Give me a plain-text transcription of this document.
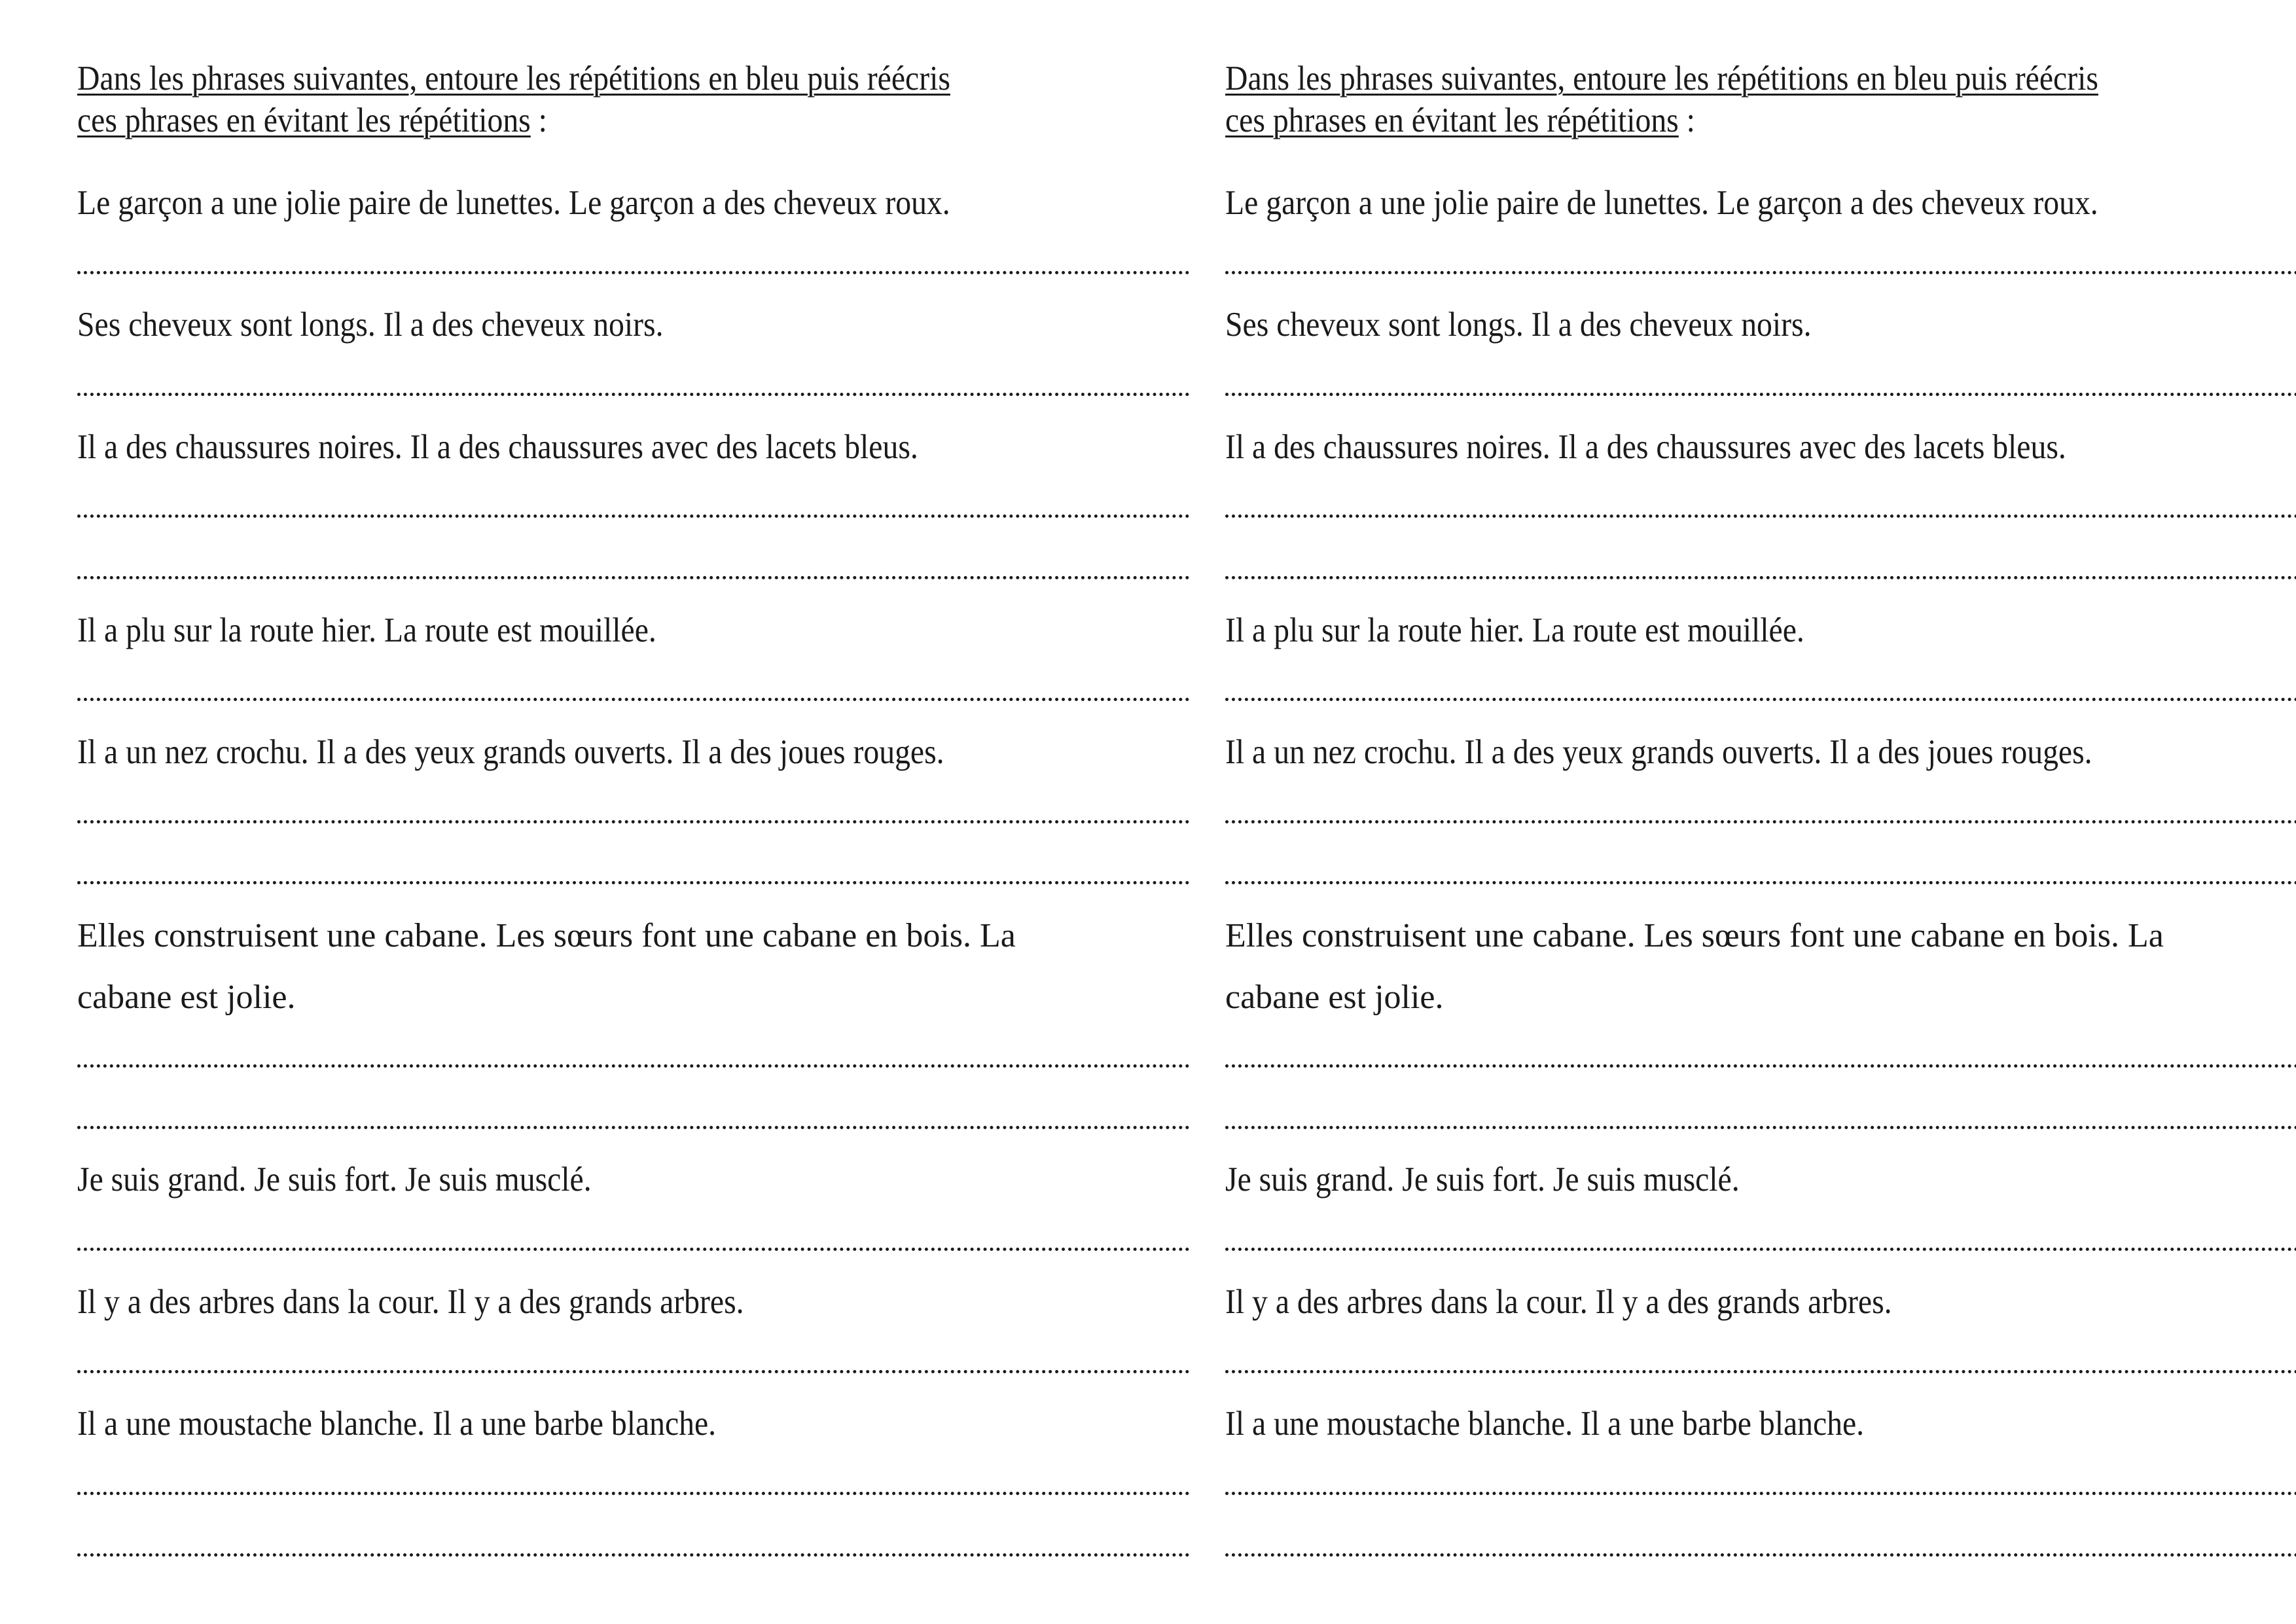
Dans les phrases suivantes, entoure les répétitions en bleu puis réécris ces phrases en évitant les répétitions :
Le garçon a une jolie paire de lunettes. Le garçon a des cheveux roux.
Ses cheveux sont longs. Il a des cheveux noirs.
Il a des chaussures noires. Il a des chaussures avec des lacets bleus.
Il a plu sur la route hier. La route est mouillée.
Il a un nez crochu. Il a des yeux grands ouverts. Il a des joues rouges.
Elles construisent une cabane. Les sœurs font une cabane en bois. La cabane est jolie.
Je suis grand. Je suis fort. Je suis musclé.
Il y a des arbres dans la cour. Il y a des grands arbres.
Il a une moustache blanche. Il a une barbe blanche.
Dans les phrases suivantes, entoure les répétitions en bleu puis réécris ces phrases en évitant les répétitions :
Le garçon a une jolie paire de lunettes. Le garçon a des cheveux roux.
Ses cheveux sont longs. Il a des cheveux noirs.
Il a des chaussures noires. Il a des chaussures avec des lacets bleus.
Il a plu sur la route hier. La route est mouillée.
Il a un nez crochu. Il a des yeux grands ouverts. Il a des joues rouges.
Elles construisent une cabane. Les sœurs font une cabane en bois. La cabane est jolie.
Je suis grand. Je suis fort. Je suis musclé.
Il y a des arbres dans la cour. Il y a des grands arbres.
Il a une moustache blanche. Il a une barbe blanche.
